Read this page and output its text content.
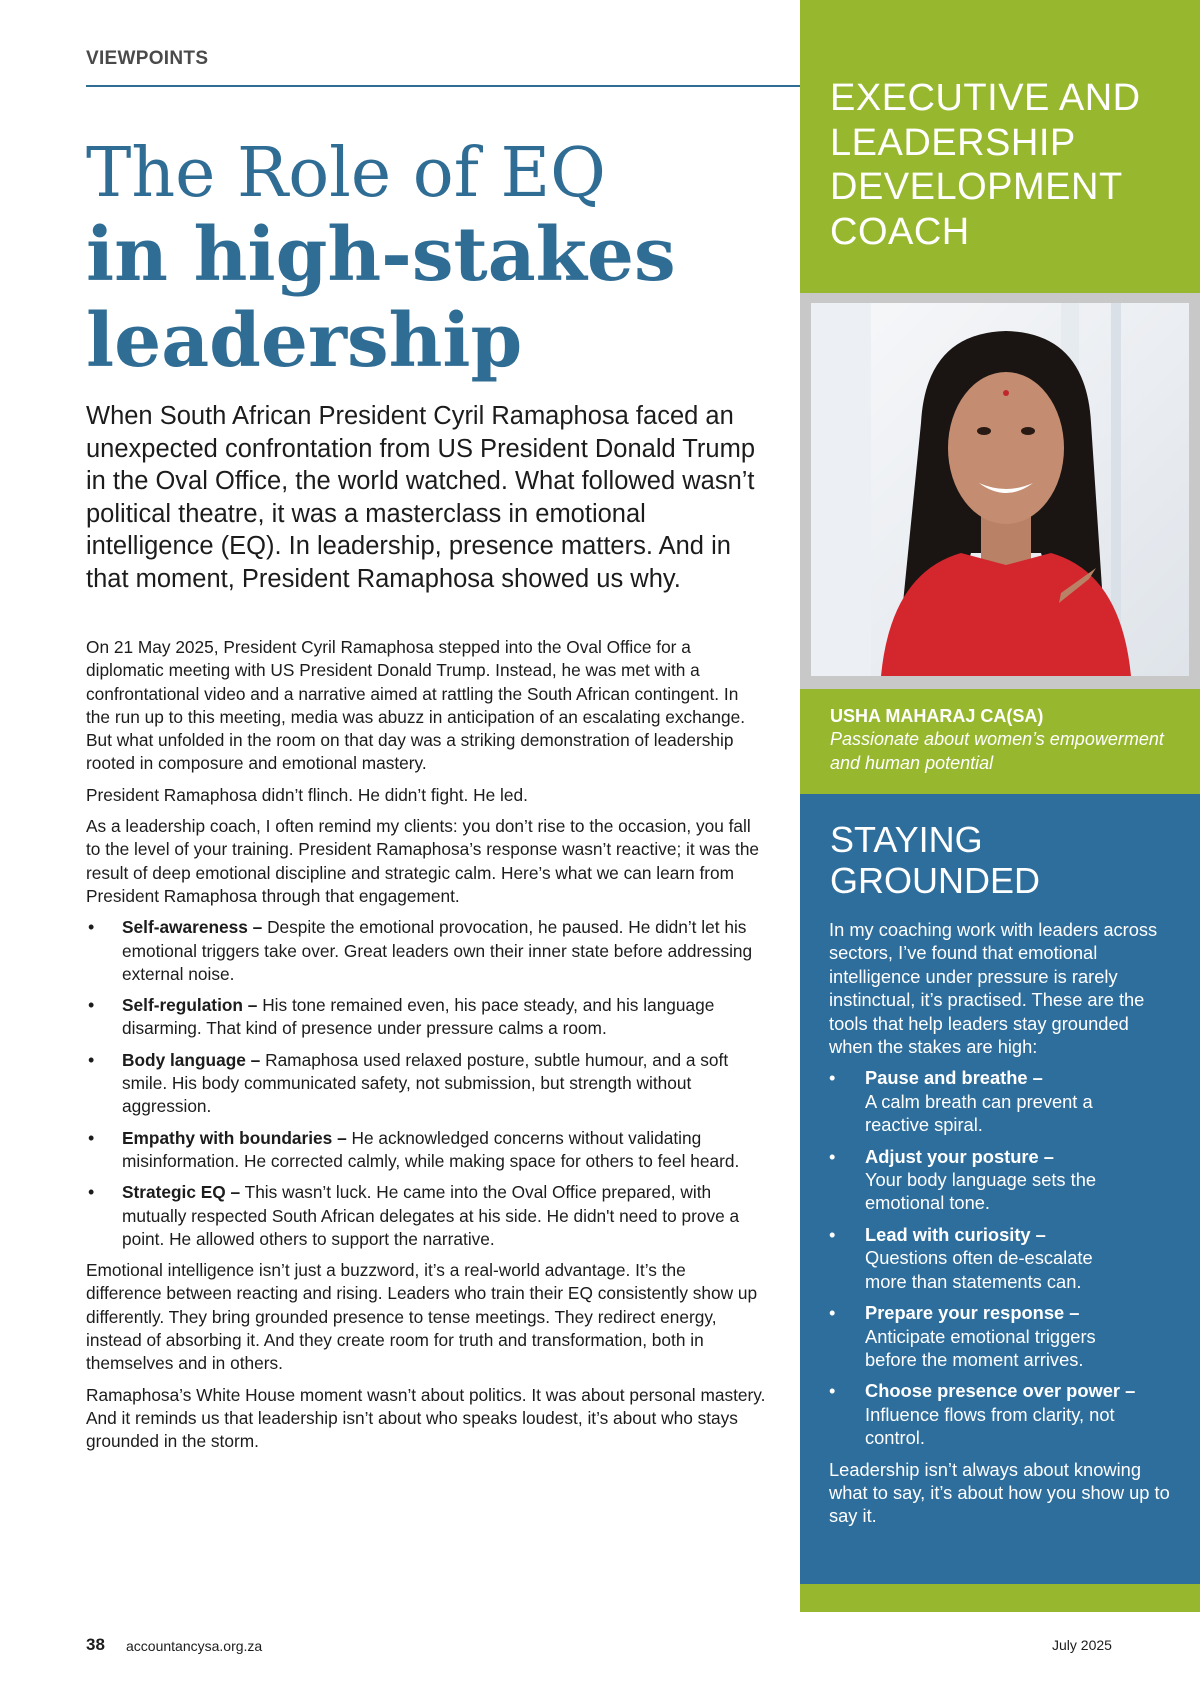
VIEWPOINTS
The Role of EQ
in high-stakes leadership
When South African President Cyril Ramaphosa faced an unexpected confrontation from US President Donald Trump in the Oval Office, the world watched. What followed wasn’t political theatre, it was a masterclass in emotional intelligence (EQ). In leadership, presence matters. And in that moment, President Ramaphosa showed us why.

On 21 May 2025, President Cyril Ramaphosa stepped into the Oval Office for a diplomatic meeting with US President Donald Trump. Instead, he was met with a confrontational video and a narrative aimed at rattling the South African contingent. In the run up to this meeting, media was abuzz in anticipation of an escalating exchange. But what unfolded in the room on that day was a striking demonstration of leadership rooted in composure and emotional mastery.

President Ramaphosa didn’t flinch. He didn’t fight. He led.

As a leadership coach, I often remind my clients: you don’t rise to the occasion, you fall to the level of your training. President Ramaphosa’s response wasn’t reactive; it was the result of deep emotional discipline and strategic calm. Here’s what we can learn from President Ramaphosa through that engagement.

• Self-awareness – Despite the emotional provocation, he paused. He didn’t let his emotional triggers take over. Great leaders own their inner state before addressing external noise.
• Self-regulation – His tone remained even, his pace steady, and his language disarming. That kind of presence under pressure calms a room.
• Body language – Ramaphosa used relaxed posture, subtle humour, and a soft smile. His body communicated safety, not submission, but strength without aggression.
• Empathy with boundaries – He acknowledged concerns without validating misinformation. He corrected calmly, while making space for others to feel heard.
• Strategic EQ – This wasn’t luck. He came into the Oval Office prepared, with mutually respected South African delegates at his side. He didn't need to prove a point. He allowed others to support the narrative.

Emotional intelligence isn’t just a buzzword, it’s a real-world advantage. It’s the difference between reacting and rising. Leaders who train their EQ consistently show up differently. They bring grounded presence to tense meetings. They redirect energy, instead of absorbing it. And they create room for truth and transformation, both in themselves and in others.

Ramaphosa’s White House moment wasn’t about politics. It was about personal mastery. And it reminds us that leadership isn’t about who speaks loudest, it’s about who stays grounded in the storm.

EXECUTIVE AND LEADERSHIP DEVELOPMENT COACH
USHA MAHARAJ CA(SA)
Passionate about women’s empowerment and human potential
STAYING GROUNDED

In my coaching work with leaders across sectors, I’ve found that emotional intelligence under pressure is rarely instinctual, it’s practised. These are the tools that help leaders stay grounded when the stakes are high:

• Pause and breathe –
A calm breath can prevent a reactive spiral.
• Adjust your posture –
Your body language sets the emotional tone.
• Lead with curiosity –
Questions often de-escalate more than statements can.
• Prepare your response –
Anticipate emotional triggers before the moment arrives.
• Choose presence over power –
Influence flows from clarity, not control.

Leadership isn’t always about knowing what to say, it’s about how you show up to say it.

38 accountancysa.org.za	July 2025
